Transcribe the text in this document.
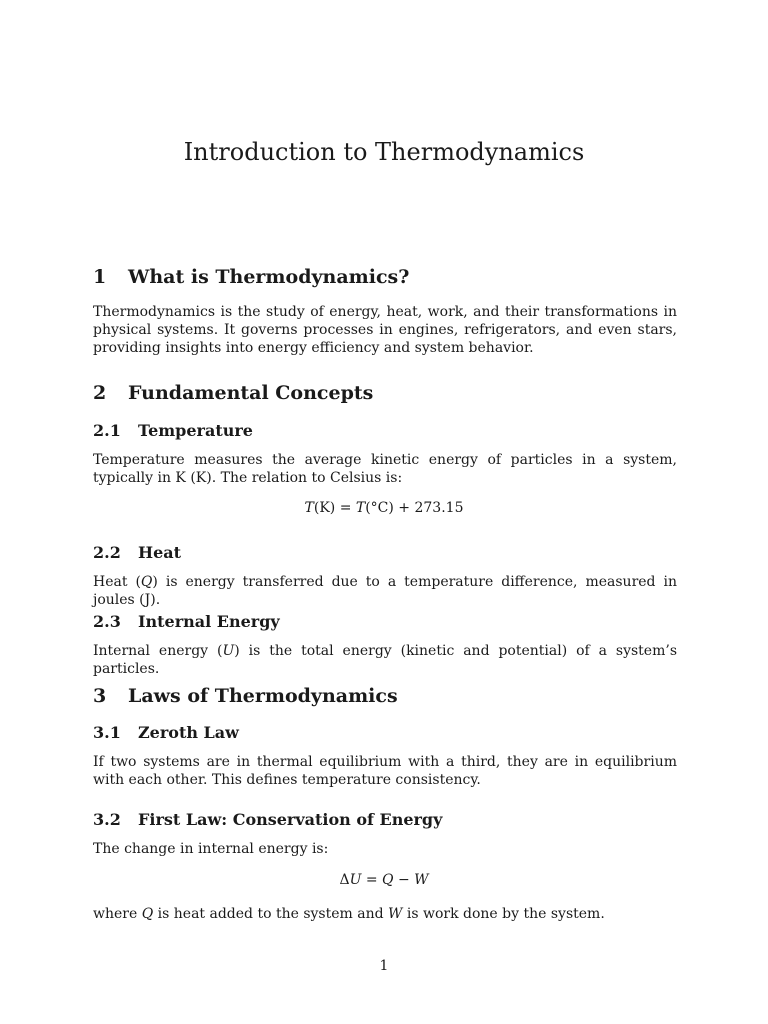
Introduction to Thermodynamics
1 What is Thermodynamics?
Thermodynamics is the study of energy, heat, work, and their transformations in physical systems. It governs processes in engines, refrigerators, and even stars, providing insights into energy efficiency and system behavior.
2 Fundamental Concepts
2.1 Temperature
Temperature measures the average kinetic energy of particles in a system, typically in K (K). The relation to Celsius is:
T(K) = T(°C) + 273.15
2.2 Heat
Heat (Q) is energy transferred due to a temperature difference, measured in joules (J).
2.3 Internal Energy
Internal energy (U) is the total energy (kinetic and potential) of a system’s particles.
3 Laws of Thermodynamics
3.1 Zeroth Law
If two systems are in thermal equilibrium with a third, they are in equilibrium with each other. This defines temperature consistency.
3.2 First Law: Conservation of Energy
The change in internal energy is:
ΔU = Q − W
where Q is heat added to the system and W is work done by the system.
1
